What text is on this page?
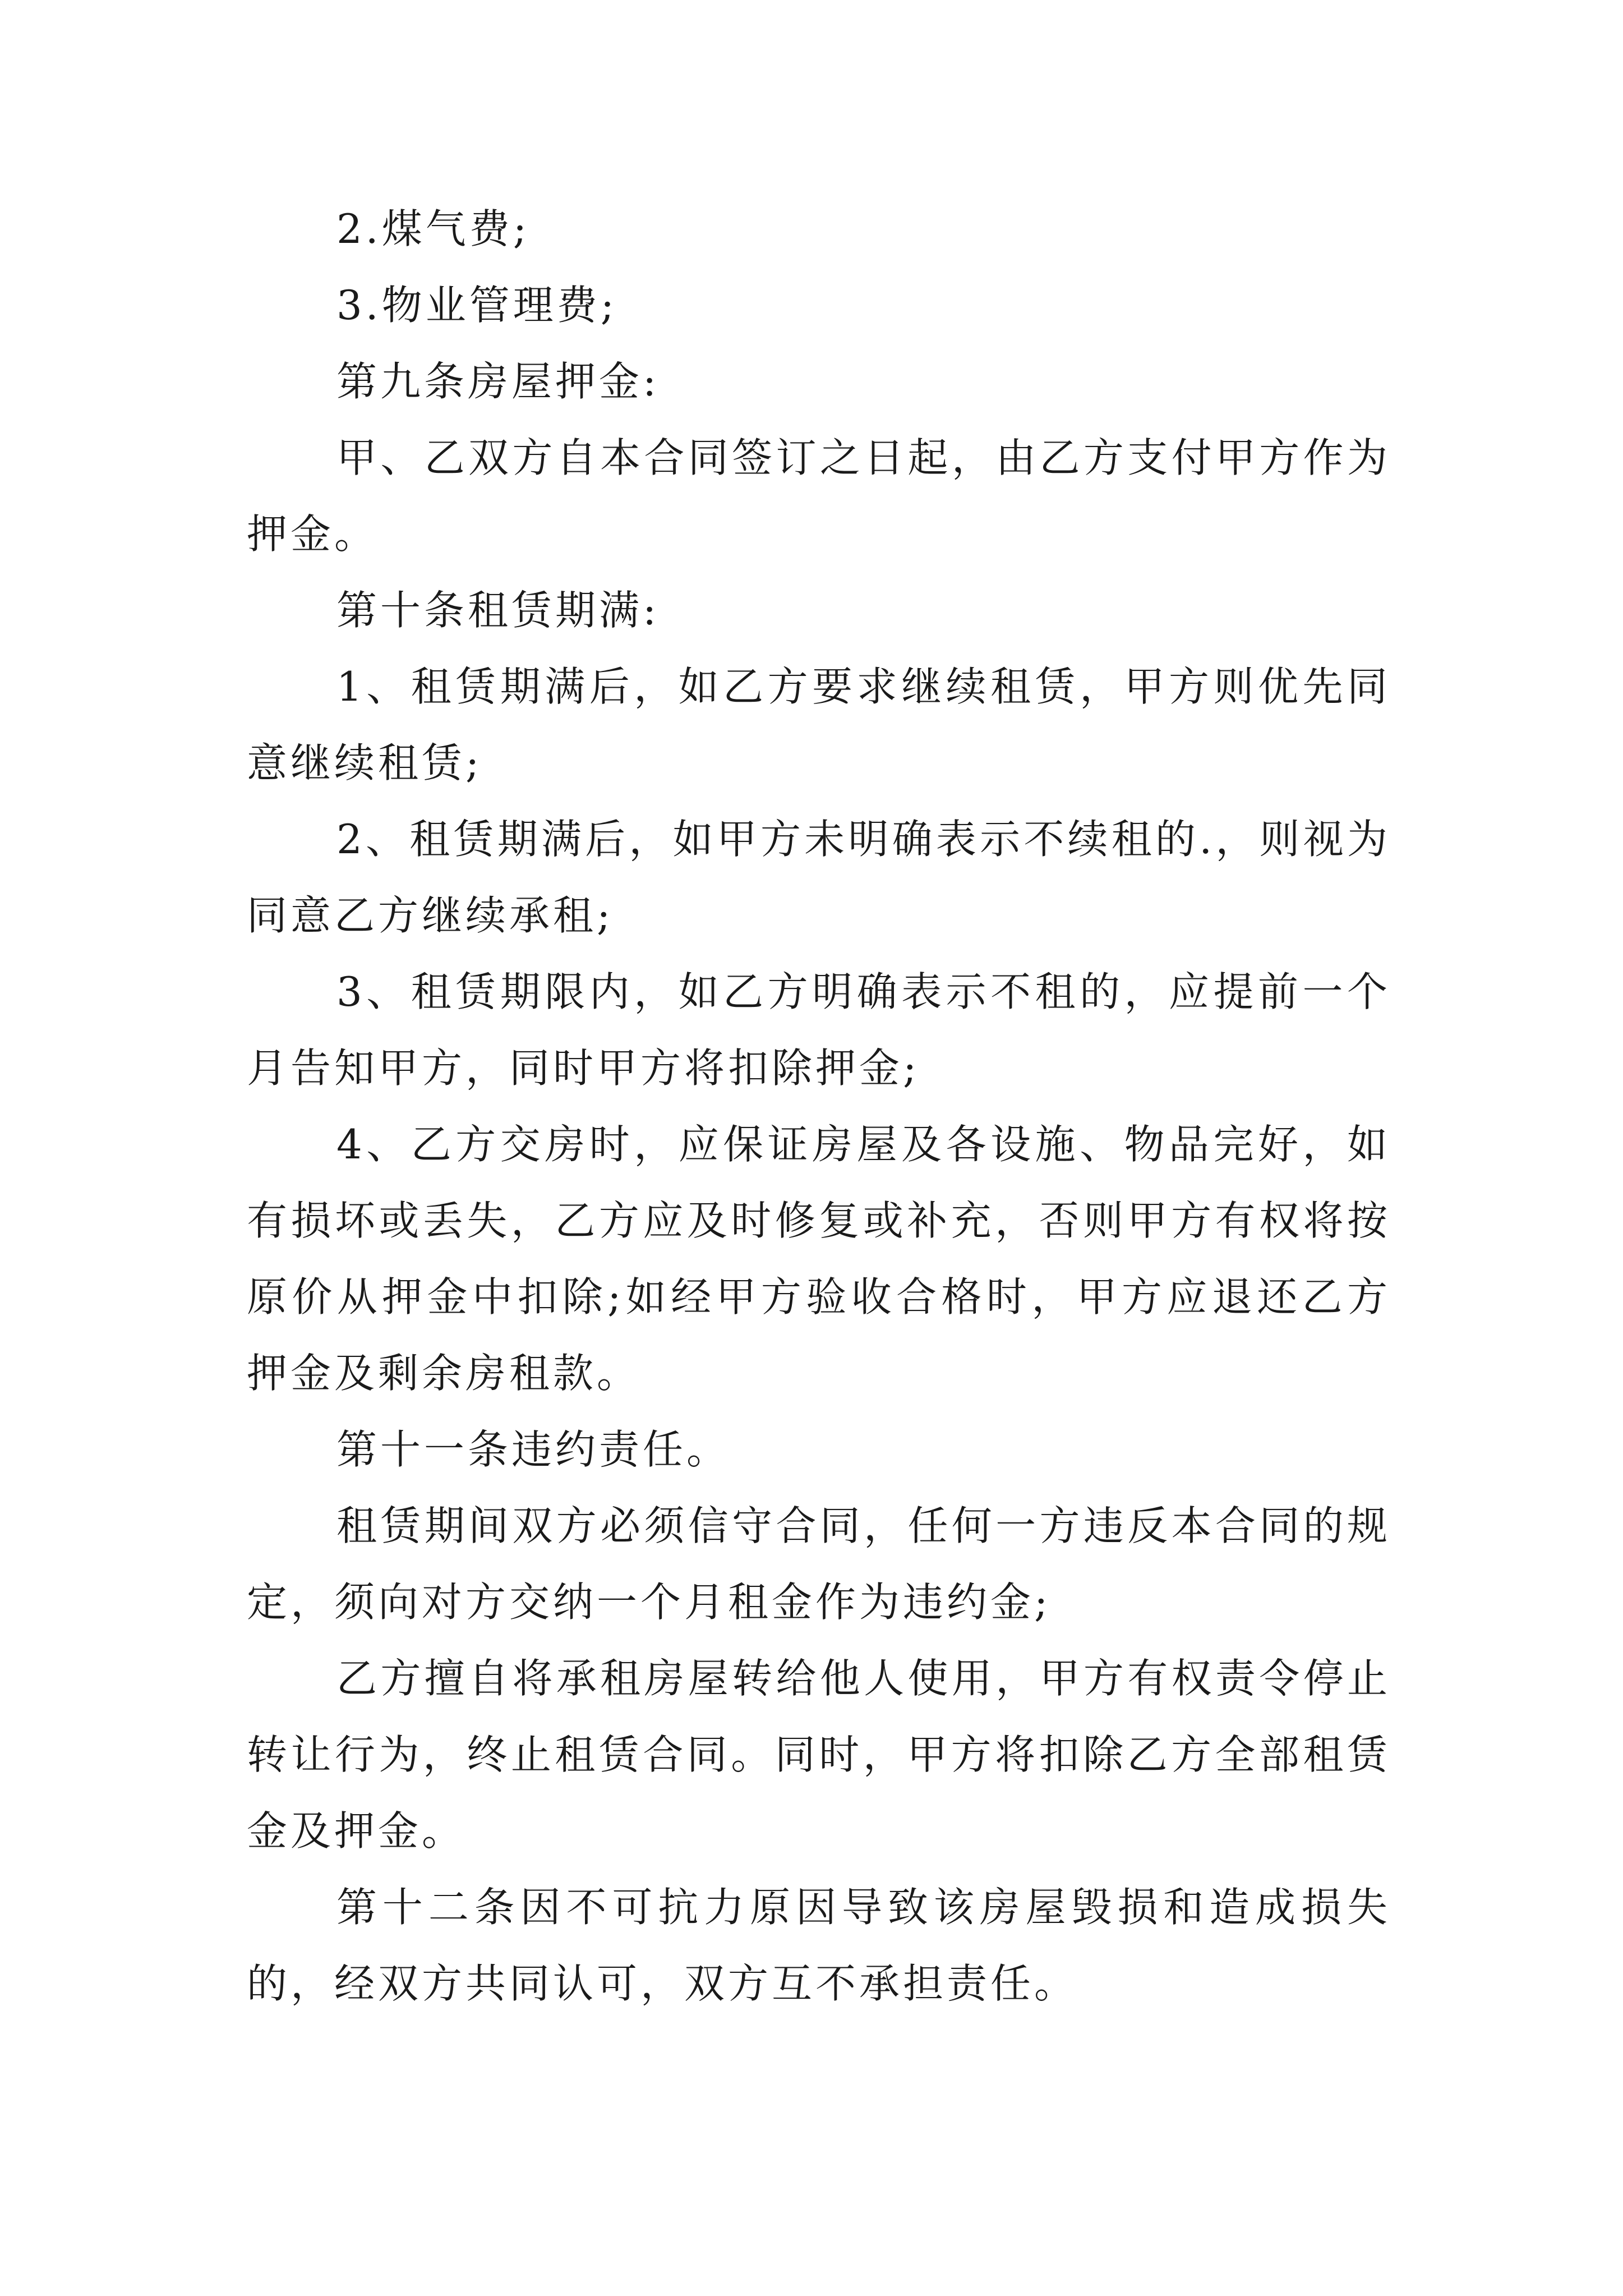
2.煤气费;

3.物业管理费;

第九条房屋押金:

甲、乙双方自本合同签订之日起，由乙方支付甲方作为押金。

第十条租赁期满:

1、租赁期满后，如乙方要求继续租赁，甲方则优先同意继续租赁;

2、租赁期满后，如甲方未明确表示不续租的.，则视为同意乙方继续承租;

3、租赁期限内，如乙方明确表示不租的，应提前一个月告知甲方，同时甲方将扣除押金;

4、乙方交房时，应保证房屋及各设施、物品完好，如有损坏或丢失，乙方应及时修复或补充，否则甲方有权将按原价从押金中扣除;如经甲方验收合格时，甲方应退还乙方押金及剩余房租款。

第十一条违约责任。

租赁期间双方必须信守合同，任何一方违反本合同的规定，须向对方交纳一个月租金作为违约金;

乙方擅自将承租房屋转给他人使用，甲方有权责令停止转让行为，终止租赁合同。同时，甲方将扣除乙方全部租赁金及押金。

第十二条因不可抗力原因导致该房屋毁损和造成损失的，经双方共同认可，双方互不承担责任。
